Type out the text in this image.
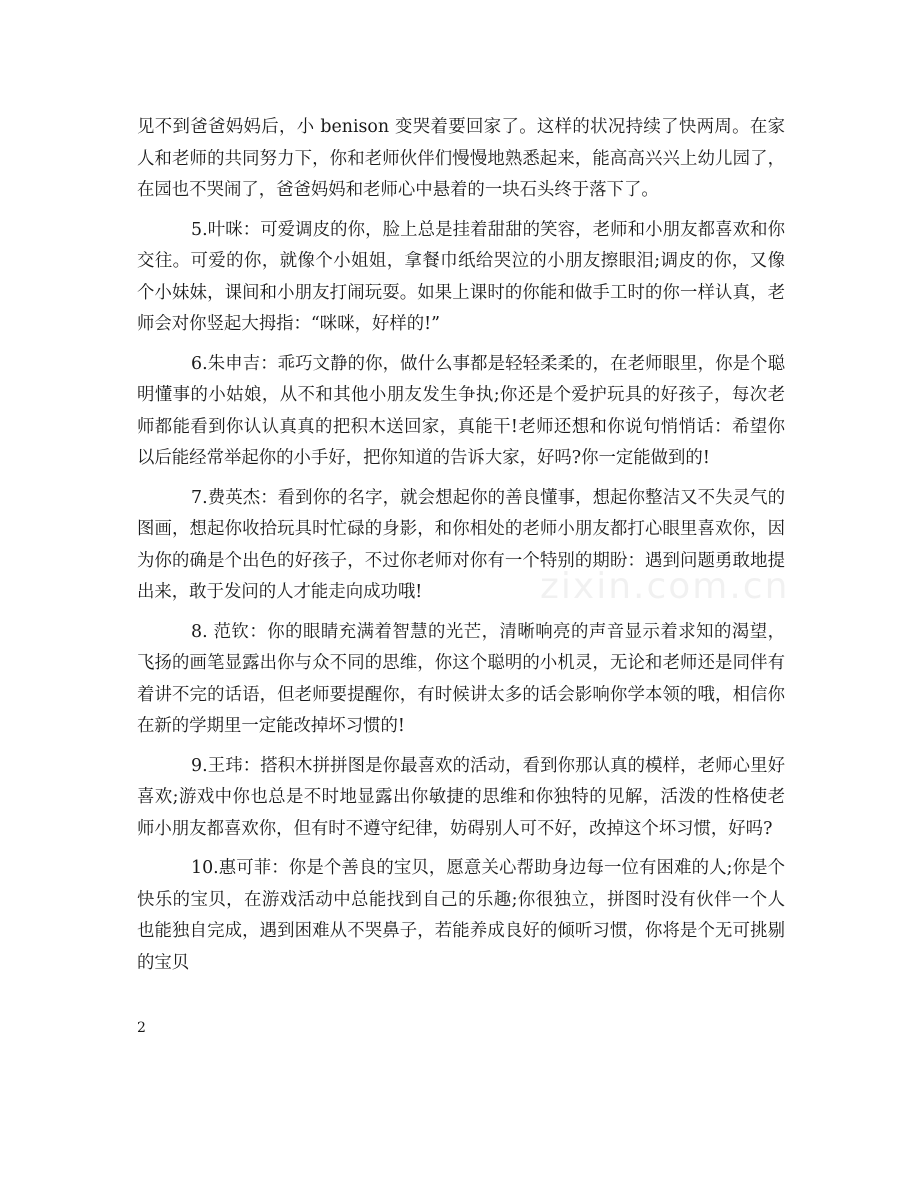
见不到爸爸妈妈后，小 benison 变哭着要回家了。这样的状况持续了快两周。在家人和老师的共同努力下，你和老师伙伴们慢慢地熟悉起来，能高高兴兴上幼儿园了，在园也不哭闹了，爸爸妈妈和老师心中悬着的一块石头终于落下了。

5.叶咪：可爱调皮的你，脸上总是挂着甜甜的笑容，老师和小朋友都喜欢和你交往。可爱的你，就像个小姐姐，拿餐巾纸给哭泣的小朋友擦眼泪;调皮的你，又像个小妹妹，课间和小朋友打闹玩耍。如果上课时的你能和做手工时的你一样认真，老师会对你竖起大拇指：“咪咪，好样的!”

6.朱申吉：乖巧文静的你，做什么事都是轻轻柔柔的，在老师眼里，你是个聪明懂事的小姑娘，从不和其他小朋友发生争执;你还是个爱护玩具的好孩子，每次老师都能看到你认认真真的把积木送回家，真能干!老师还想和你说句悄悄话：希望你以后能经常举起你的小手好，把你知道的告诉大家，好吗?你一定能做到的!

7.费英杰：看到你的名字，就会想起你的善良懂事，想起你整洁又不失灵气的图画，想起你收拾玩具时忙碌的身影，和你相处的老师小朋友都打心眼里喜欢你，因为你的确是个出色的好孩子，不过你老师对你有一个特别的期盼：遇到问题勇敢地提出来，敢于发问的人才能走向成功哦!

8. 范钦：你的眼睛充满着智慧的光芒，清晰响亮的声音显示着求知的渴望，飞扬的画笔显露出你与众不同的思维，你这个聪明的小机灵，无论和老师还是同伴有着讲不完的话语，但老师要提醒你，有时候讲太多的话会影响你学本领的哦，相信你在新的学期里一定能改掉坏习惯的!

9.王玮：搭积木拼拼图是你最喜欢的活动，看到你那认真的模样，老师心里好喜欢;游戏中你也总是不时地显露出你敏捷的思维和你独特的见解，活泼的性格使老师小朋友都喜欢你，但有时不遵守纪律，妨碍别人可不好，改掉这个坏习惯，好吗?

10.惠可菲：你是个善良的宝贝，愿意关心帮助身边每一位有困难的人;你是个快乐的宝贝，在游戏活动中总能找到自己的乐趣;你很独立，拼图时没有伙伴一个人也能独自完成，遇到困难从不哭鼻子，若能养成良好的倾听习惯，你将是个无可挑剔的宝贝

zixin.com.cn
2
